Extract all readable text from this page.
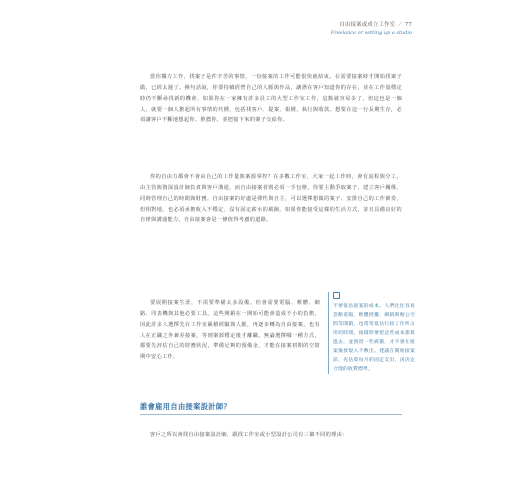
自由接案或成立工作室 ／ 77
Freelance or setting up a studio

當你獨力工作，找案子是件辛苦的事情，一份接案的工作可能很快就結束。在需要接案時才開始找案子做，已經太遲了。換句話說，你要持續經營自己的人脈與作品，讓潛在客戶知道你的存在，並在工作量穩定時仍不斷尋找新的機會。如果你在一家擁有許多員工的大型工作室工作，這點就容易多了，但這也是一個人，就要一個人擔起所有事情的代價，包括找客戶、提案、報價、執行與收款。想要在這一行長期生存，必須讓客戶不斷地想起你、推薦你，並把接下來的案子交給你。

你的自由力都會不會由自己的工作量與案源掌控？在多數工作室，大家一起工作時，會有流程與分工，由主管與資深設計師負責與客戶溝通，而自由接案者則必須一手包辦。你要主動爭取案子、建立客戶關係，同時管理自己的時間與財務。自由接案的好處是彈性與自主，可以選擇想做的案子、安排自己的工作節奏，但相對地，也必須承擔收入不穩定、沒有固定薪水的風險。如果你能接受這樣的生活方式，並且具備良好的自律與溝通能力，自由接案會是一條值得考慮的道路。

要展開接案生涯，不需要準備太多設備。但會需要電腦、軟體、網路、印表機與其他必要工具。這些開銷在一開始可能會造成不小的負擔，因此許多人選擇先在工作室累積經驗與人脈，再逐步轉為自由接案。也有人在正職之外兼差接案，等到案源穩定後才離職。無論選擇哪一種方式，都要先評估自己的財務狀況，準備足夠的預備金，才能在接案初期的空窗期中安心工作。

不要低估接案的成本。人們往往容易忽略電腦、軟體授權、網路與辦公空間等開銷，也常常低估行政工作所占用的時間。報價時要把這些成本都算進去，並預留一些緩衝，才不會在接案後發現入不敷出。建議在開始接案前，先估算每月的固定支出，再決定合理的收費標準。
誰會雇用自由接案設計師？

客戶之所以會找自由接案設計師，跟找工作室或小型設計公司有三個不同的理由：
